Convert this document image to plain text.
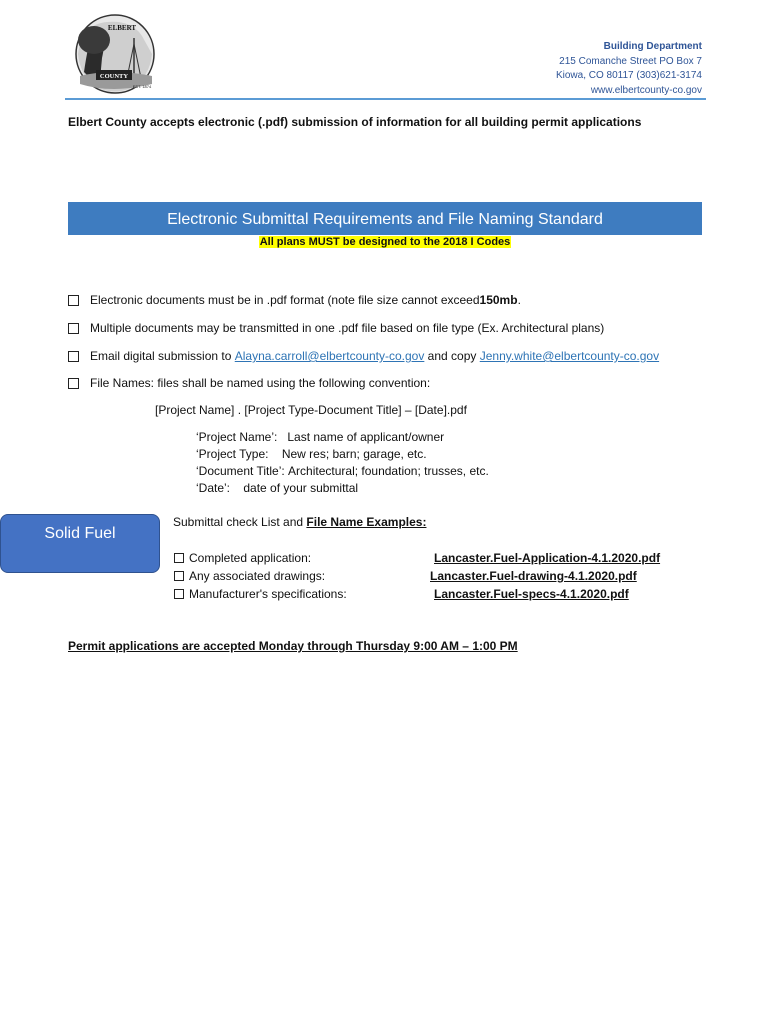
ELBERT
COUNTY
EST. 1874
Building Department
215 Comanche Street PO Box 7
Kiowa, CO 80117 (303)621-3174
www.elbertcounty-co.gov
Elbert County accepts electronic (.pdf) submission of information for all building permit applications
Electronic Submittal Requirements and File Naming Standard
All plans MUST be designed to the 2018 I Codes
Electronic documents must be in .pdf format (note file size cannot exceed 150mb .
Multiple documents may be transmitted in one .pdf file based on file type (Ex. Architectural plans)
Email digital submission to Alayna.carroll@elbertcounty-co.gov and copy Jenny.white@elbertcounty-co.gov
File Names: files shall be named using the following convention:
[Project Name] . [Project Type-Document Title] – [Date].pdf
‘Project Name’: Last name of applicant/owner
‘Project Type: New res; barn; garage, etc.
‘Document Title’: Architectural; foundation; trusses, etc.
‘Date’: date of your submittal
Solid Fuel
Submittal check List and File Name Examples:
Completed application:	Lancaster.Fuel-Application-4.1.2020.pdf
Any associated drawings:	Lancaster.Fuel-drawing-4.1.2020.pdf
Manufacturer's specifications:	Lancaster.Fuel-specs-4.1.2020.pdf
Permit applications are accepted Monday through Thursday 9:00 AM – 1:00 PM
